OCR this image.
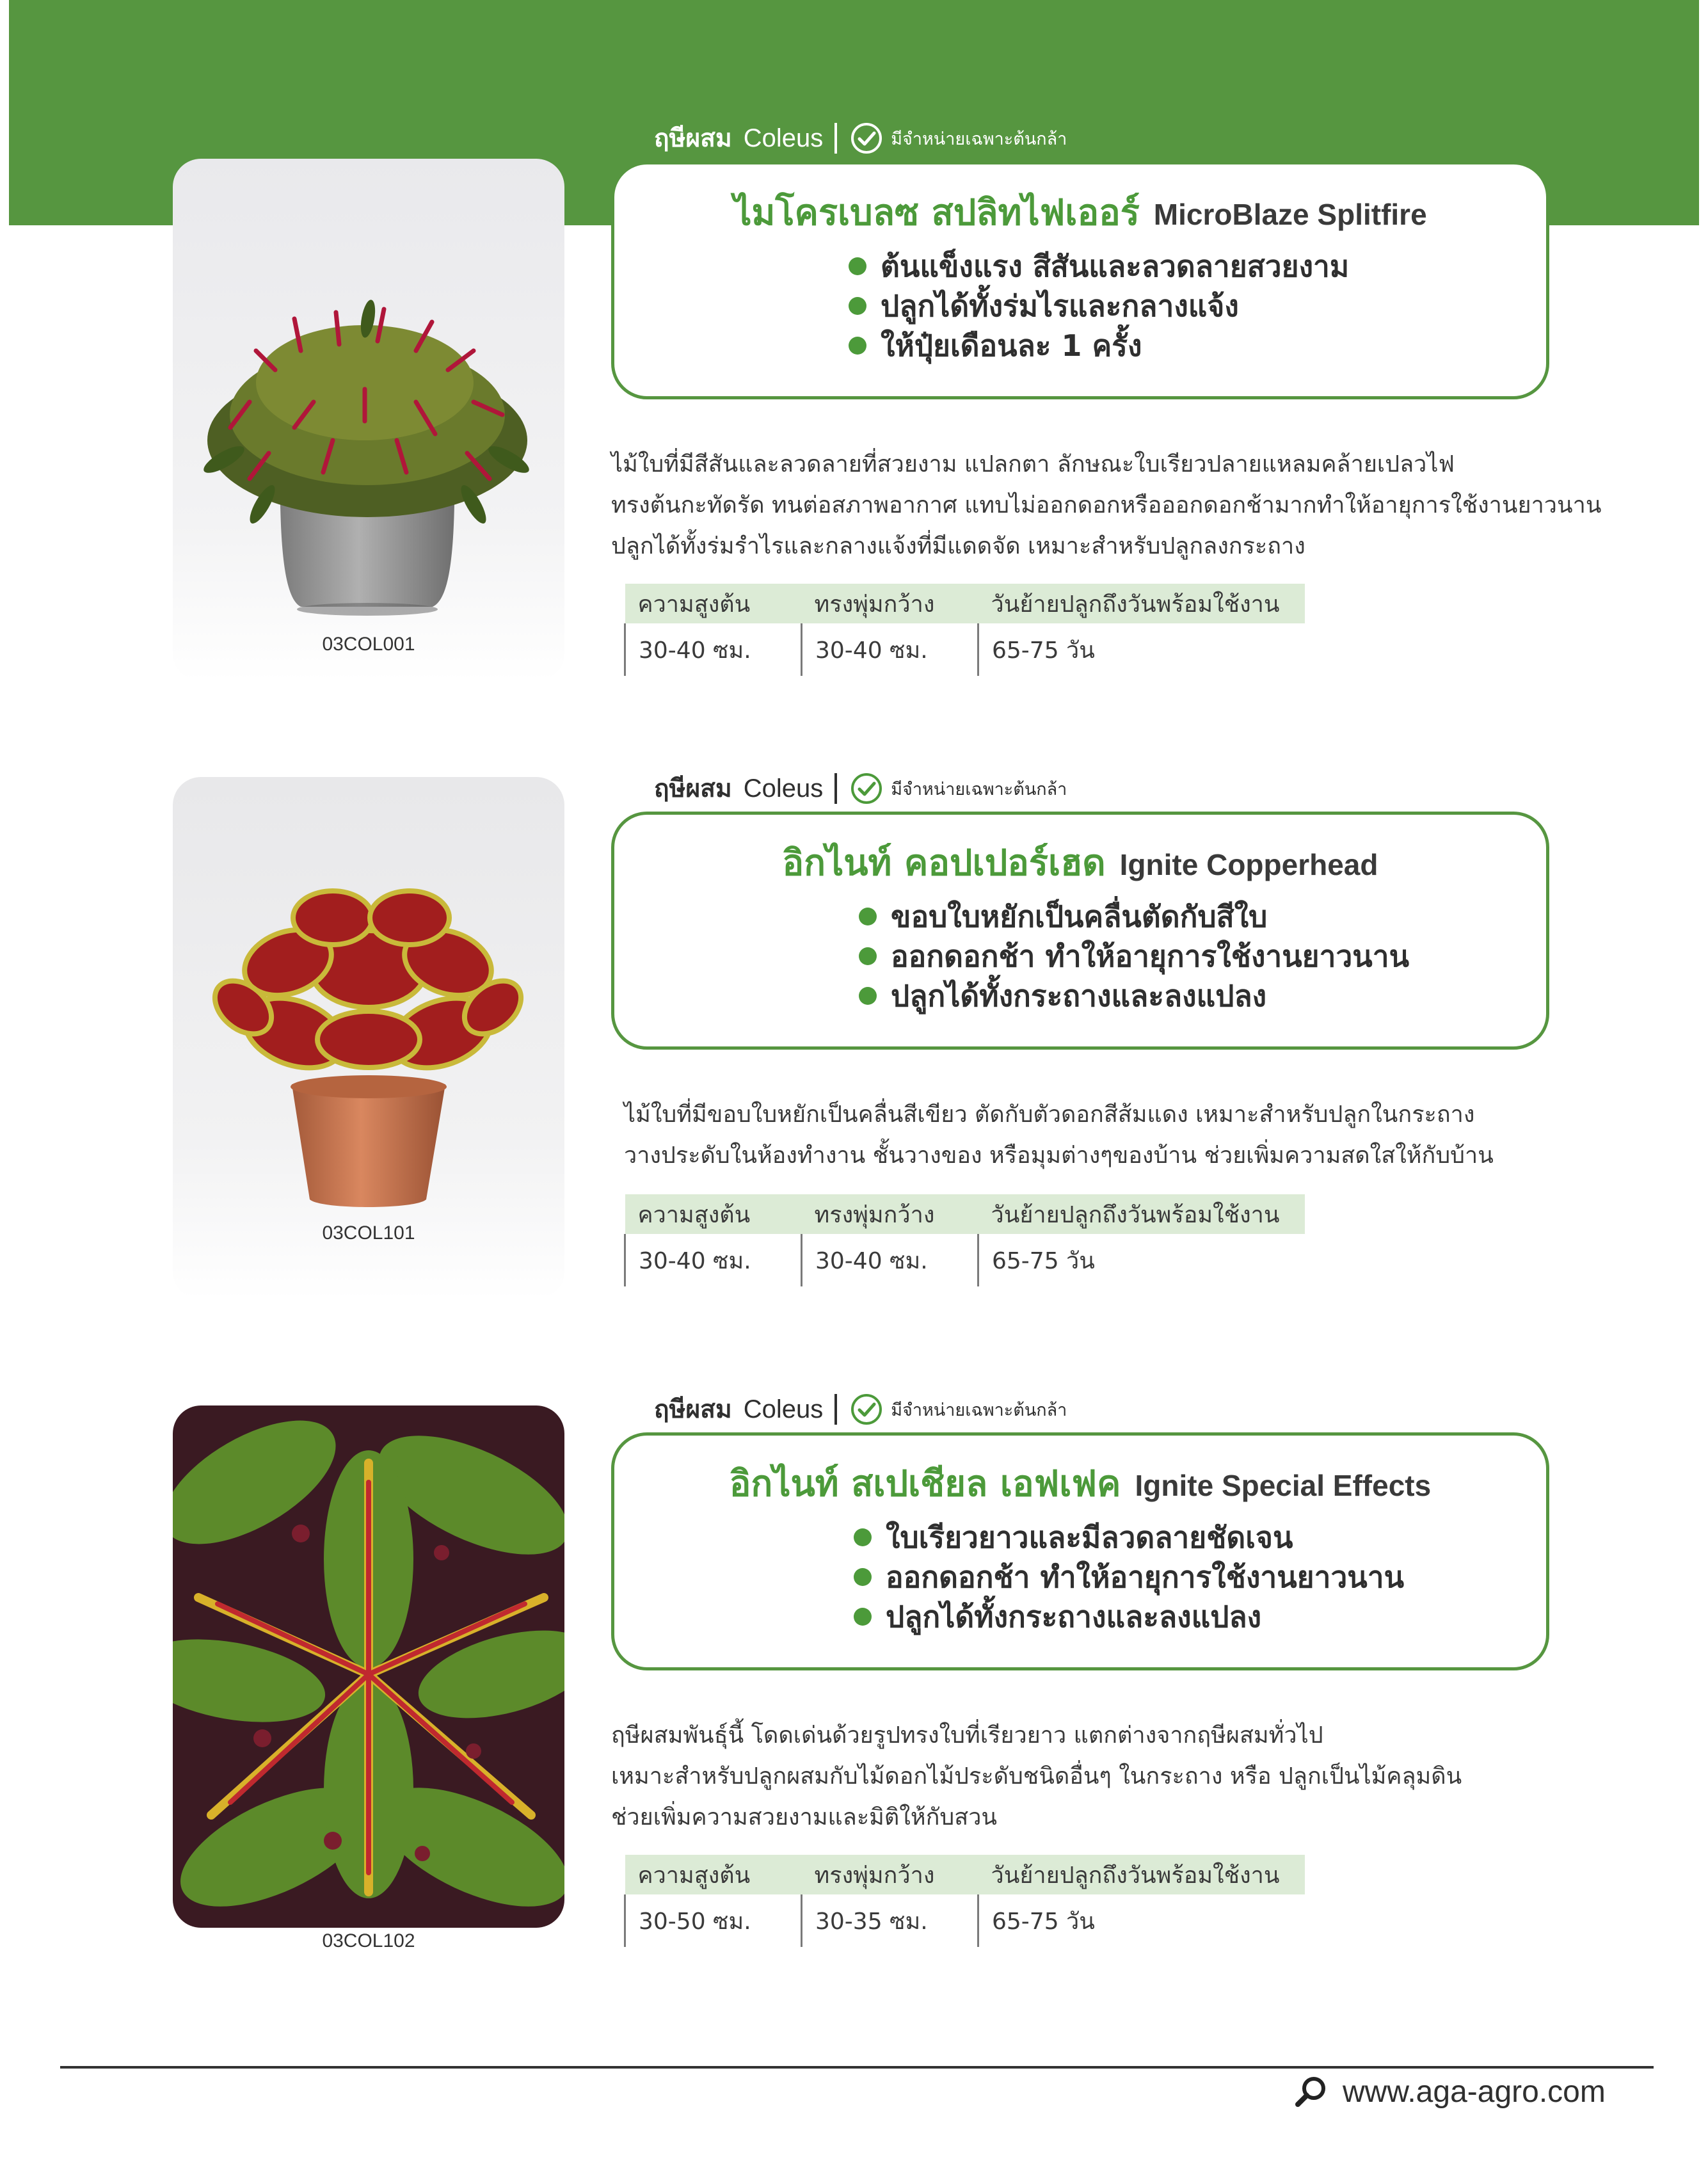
03COL001
ฤษีผสม Coleus	มีจำหน่ายเฉพาะต้นกล้า
ไมโครเบลซ สปลิทไฟเออร์ MicroBlaze Splitfire
ต้นแข็งแรง สีสันและลวดลายสวยงาม
ปลูกได้ทั้งร่มไรและกลางแจ้ง
ให้ปุ๋ยเดือนละ 1 ครั้ง
ไม้ใบที่มีสีสันและลวดลายที่สวยงาม แปลกตา ลักษณะใบเรียวปลายแหลมคล้ายเปลวไฟ
ทรงต้นกะทัดรัด ทนต่อสภาพอากาศ แทบไม่ออกดอกหรือออกดอกช้ามากทำให้อายุการใช้งานยาวนาน
ปลูกได้ทั้งร่มรำไรและกลางแจ้งที่มีแดดจัด เหมาะสำหรับปลูกลงกระถาง
ความสูงต้น	ทรงพุ่มกว้าง	วันย้ายปลูกถึงวันพร้อมใช้งาน
30-40 ซม.	30-40 ซม.	65-75 วัน
03COL101
ฤษีผสม Coleus	มีจำหน่ายเฉพาะต้นกล้า
อิกไนท์ คอปเปอร์เฮด Ignite Copperhead
ขอบใบหยักเป็นคลื่นตัดกับสีใบ
ออกดอกช้า ทำให้อายุการใช้งานยาวนาน
ปลูกได้ทั้งกระถางและลงแปลง
ไม้ใบที่มีขอบใบหยักเป็นคลื่นสีเขียว ตัดกับตัวดอกสีส้มแดง เหมาะสำหรับปลูกในกระถาง
วางประดับในห้องทำงาน ชั้นวางของ หรือมุมต่างๆของบ้าน ช่วยเพิ่มความสดใสให้กับบ้าน
ความสูงต้น	ทรงพุ่มกว้าง	วันย้ายปลูกถึงวันพร้อมใช้งาน
30-40 ซม.	30-40 ซม.	65-75 วัน
03COL102
ฤษีผสม Coleus	มีจำหน่ายเฉพาะต้นกล้า
อิกไนท์ สเปเชียล เอฟเฟค Ignite Special Effects
ใบเรียวยาวและมีลวดลายชัดเจน
ออกดอกช้า ทำให้อายุการใช้งานยาวนาน
ปลูกได้ทั้งกระถางและลงแปลง
ฤษีผสมพันธุ์นี้ โดดเด่นด้วยรูปทรงใบที่เรียวยาว แตกต่างจากฤษีผสมทั่วไป
เหมาะสำหรับปลูกผสมกับไม้ดอกไม้ประดับชนิดอื่นๆ ในกระถาง หรือ ปลูกเป็นไม้คลุมดิน
ช่วยเพิ่มความสวยงามและมิติให้กับสวน
ความสูงต้น	ทรงพุ่มกว้าง	วันย้ายปลูกถึงวันพร้อมใช้งาน
30-50 ซม.	30-35 ซม.	65-75 วัน
www.aga-agro.com
